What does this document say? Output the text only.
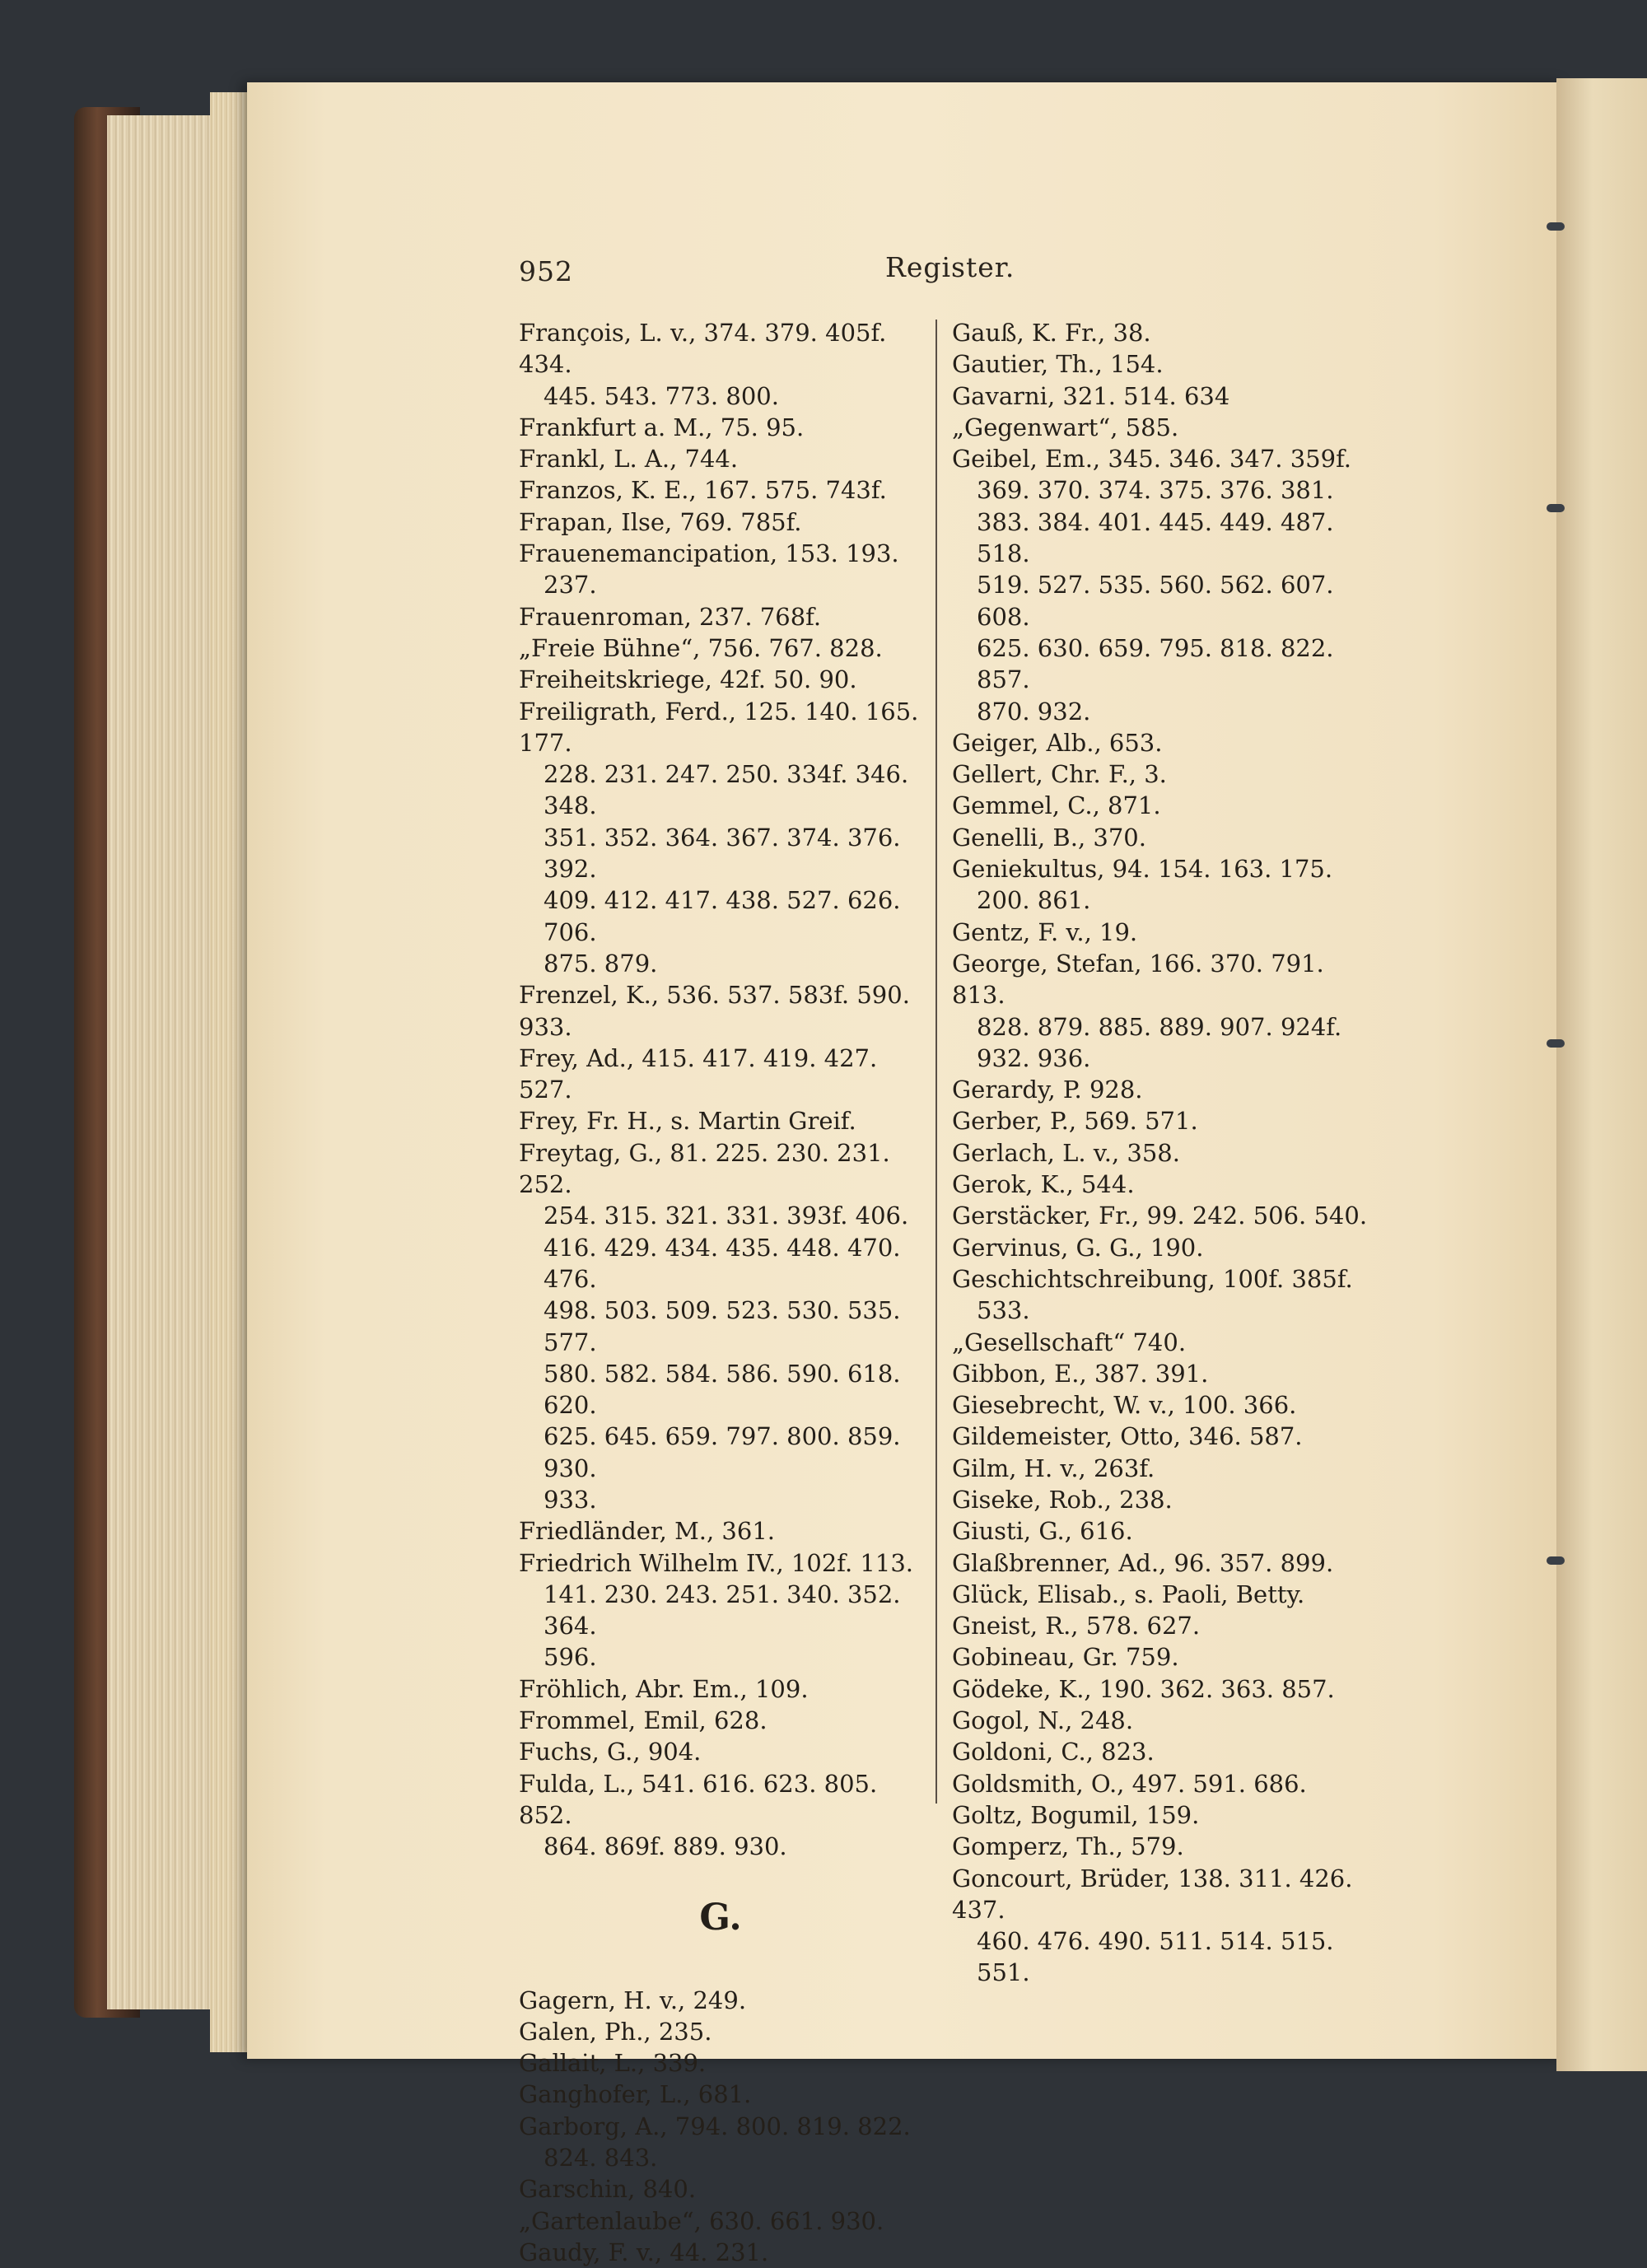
952	Register.
François, L. v., 374. 379. 405f. 434.
445. 543. 773. 800.
Frankfurt a. M., 75. 95.
Frankl, L. A., 744.
Franzos, K. E., 167. 575. 743f.
Frapan, Ilse, 769. 785f.
Frauenemancipation, 153. 193.
237.
Frauenroman, 237. 768f.
„Freie Bühne“, 756. 767. 828.
Freiheitskriege, 42f. 50. 90.
Freiligrath, Ferd., 125. 140. 165. 177.
228. 231. 247. 250. 334f. 346. 348.
351. 352. 364. 367. 374. 376. 392.
409. 412. 417. 438. 527. 626. 706.
875. 879.
Frenzel, K., 536. 537. 583f. 590. 933.
Frey, Ad., 415. 417. 419. 427. 527.
Frey, Fr. H., s. Martin Greif.
Freytag, G., 81. 225. 230. 231. 252.
254. 315. 321. 331. 393f. 406.
416. 429. 434. 435. 448. 470. 476.
498. 503. 509. 523. 530. 535. 577.
580. 582. 584. 586. 590. 618. 620.
625. 645. 659. 797. 800. 859. 930.
933.
Friedländer, M., 361.
Friedrich Wilhelm IV., 102f. 113.
141. 230. 243. 251. 340. 352. 364.
596.
Fröhlich, Abr. Em., 109.
Frommel, Emil, 628.
Fuchs, G., 904.
Fulda, L., 541. 616. 623. 805. 852.
864. 869f. 889. 930.
G.
Gagern, H. v., 249.
Galen, Ph., 235.
Gallait, L., 339.
Ganghofer, L., 681.
Garborg, A., 794. 800. 819. 822.
824. 843.
Garschin, 840.
„Gartenlaube“, 630. 661. 930.
Gaudy, F. v., 44. 231.
Gauß, K. Fr., 38.
Gautier, Th., 154.
Gavarni, 321. 514. 634
„Gegenwart“, 585.
Geibel, Em., 345. 346. 347. 359f.
369. 370. 374. 375. 376. 381.
383. 384. 401. 445. 449. 487. 518.
519. 527. 535. 560. 562. 607. 608.
625. 630. 659. 795. 818. 822. 857.
870. 932.
Geiger, Alb., 653.
Gellert, Chr. F., 3.
Gemmel, C., 871.
Genelli, B., 370.
Geniekultus, 94. 154. 163. 175.
200. 861.
Gentz, F. v., 19.
George, Stefan, 166. 370. 791. 813.
828. 879. 885. 889. 907. 924f.
932. 936.
Gerardy, P. 928.
Gerber, P., 569. 571.
Gerlach, L. v., 358.
Gerok, K., 544.
Gerstäcker, Fr., 99. 242. 506. 540.
Gervinus, G. G., 190.
Geschichtschreibung, 100f. 385f.
533.
„Gesellschaft“ 740.
Gibbon, E., 387. 391.
Giesebrecht, W. v., 100. 366.
Gildemeister, Otto, 346. 587.
Gilm, H. v., 263f.
Giseke, Rob., 238.
Giusti, G., 616.
Glaßbrenner, Ad., 96. 357. 899.
Glück, Elisab., s. Paoli, Betty.
Gneist, R., 578. 627.
Gobineau, Gr. 759.
Gödeke, K., 190. 362. 363. 857.
Gogol, N., 248.
Goldoni, C., 823.
Goldsmith, O., 497. 591. 686.
Goltz, Bogumil, 159.
Gomperz, Th., 579.
Goncourt, Brüder, 138. 311. 426. 437.
460. 476. 490. 511. 514. 515. 551.
